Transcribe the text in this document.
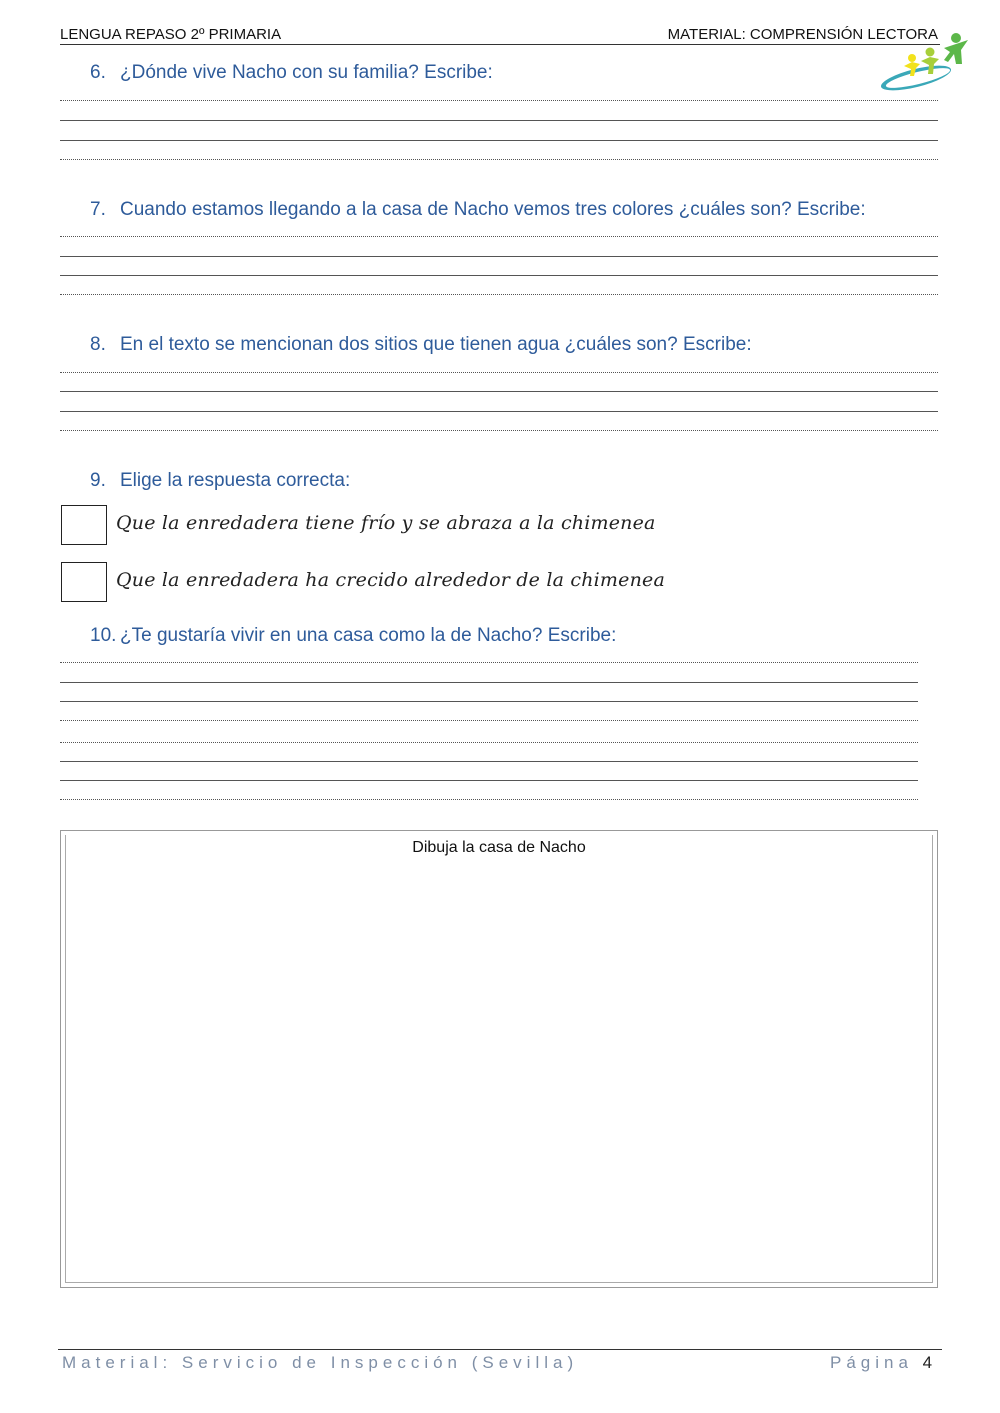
LENGUA REPASO 2º PRIMARIA	MATERIAL: COMPRENSIÓN LECTORA
6. ¿Dónde vive Nacho con su familia? Escribe:
7. Cuando estamos llegando a la casa de Nacho vemos tres colores ¿cuáles son? Escribe:
8. En el texto se mencionan dos sitios que tienen agua ¿cuáles son? Escribe:
9. Elige la respuesta correcta:
Que la enredadera tiene frío y se abraza a la chimenea
Que la enredadera ha crecido alrededor de la chimenea
10. ¿Te gustaría vivir en una casa como la de Nacho? Escribe:
Dibuja la casa de Nacho
Material: Servicio de Inspección (Sevilla)	Página 4
